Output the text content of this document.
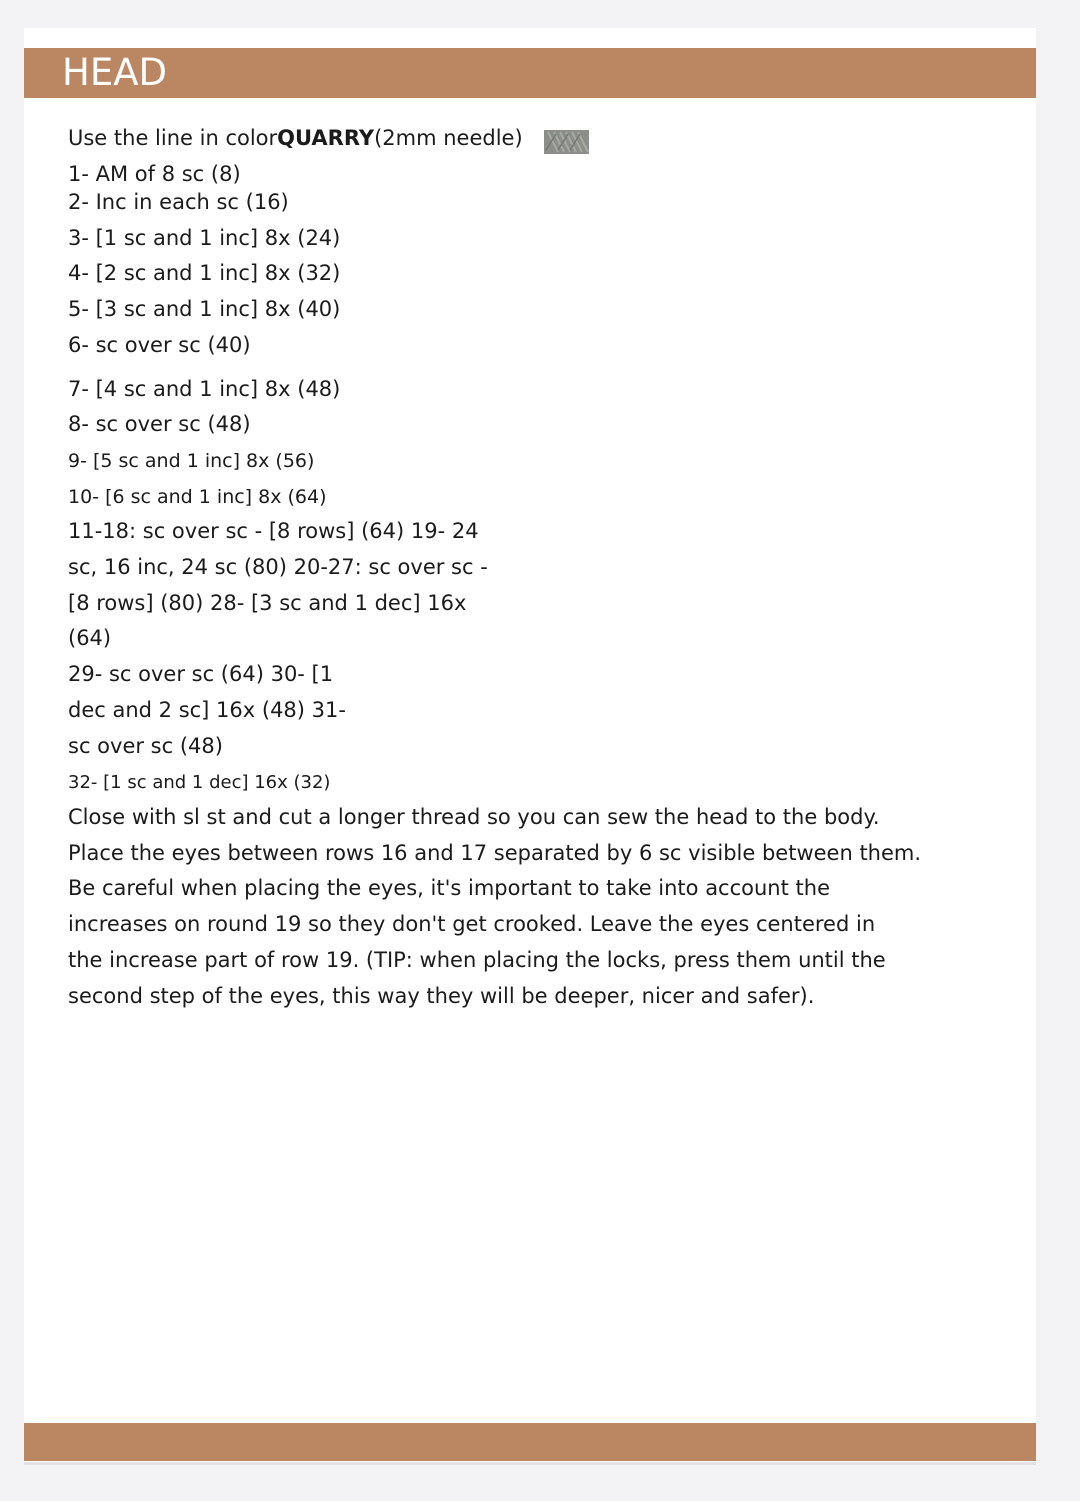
HEAD
Use the line in colorQUARRY(2mm needle)
1- AM of 8 sc (8)
2- Inc in each sc (16)
3- [1 sc and 1 inc] 8x (24)
4- [2 sc and 1 inc] 8x (32)
5- [3 sc and 1 inc] 8x (40)
6- sc over sc (40)
7- [4 sc and 1 inc] 8x (48)
8- sc over sc (48)
9- [5 sc and 1 inc] 8x (56)
10- [6 sc and 1 inc] 8x (64)
11-18: sc over sc - [8 rows] (64) 19- 24
sc, 16 inc, 24 sc (80) 20-27: sc over sc -
[8 rows] (80) 28- [3 sc and 1 dec] 16x
(64)
29- sc over sc (64) 30- [1
dec and 2 sc] 16x (48) 31-
sc over sc (48)
32- [1 sc and 1 dec] 16x (32)
Close with sl st and cut a longer thread so you can sew the head to the body.
Place the eyes between rows 16 and 17 separated by 6 sc visible between them.
Be careful when placing the eyes, it's important to take into account the
increases on round 19 so they don't get crooked. Leave the eyes centered in
the increase part of row 19. (TIP: when placing the locks, press them until the
second step of the eyes, this way they will be deeper, nicer and safer).
